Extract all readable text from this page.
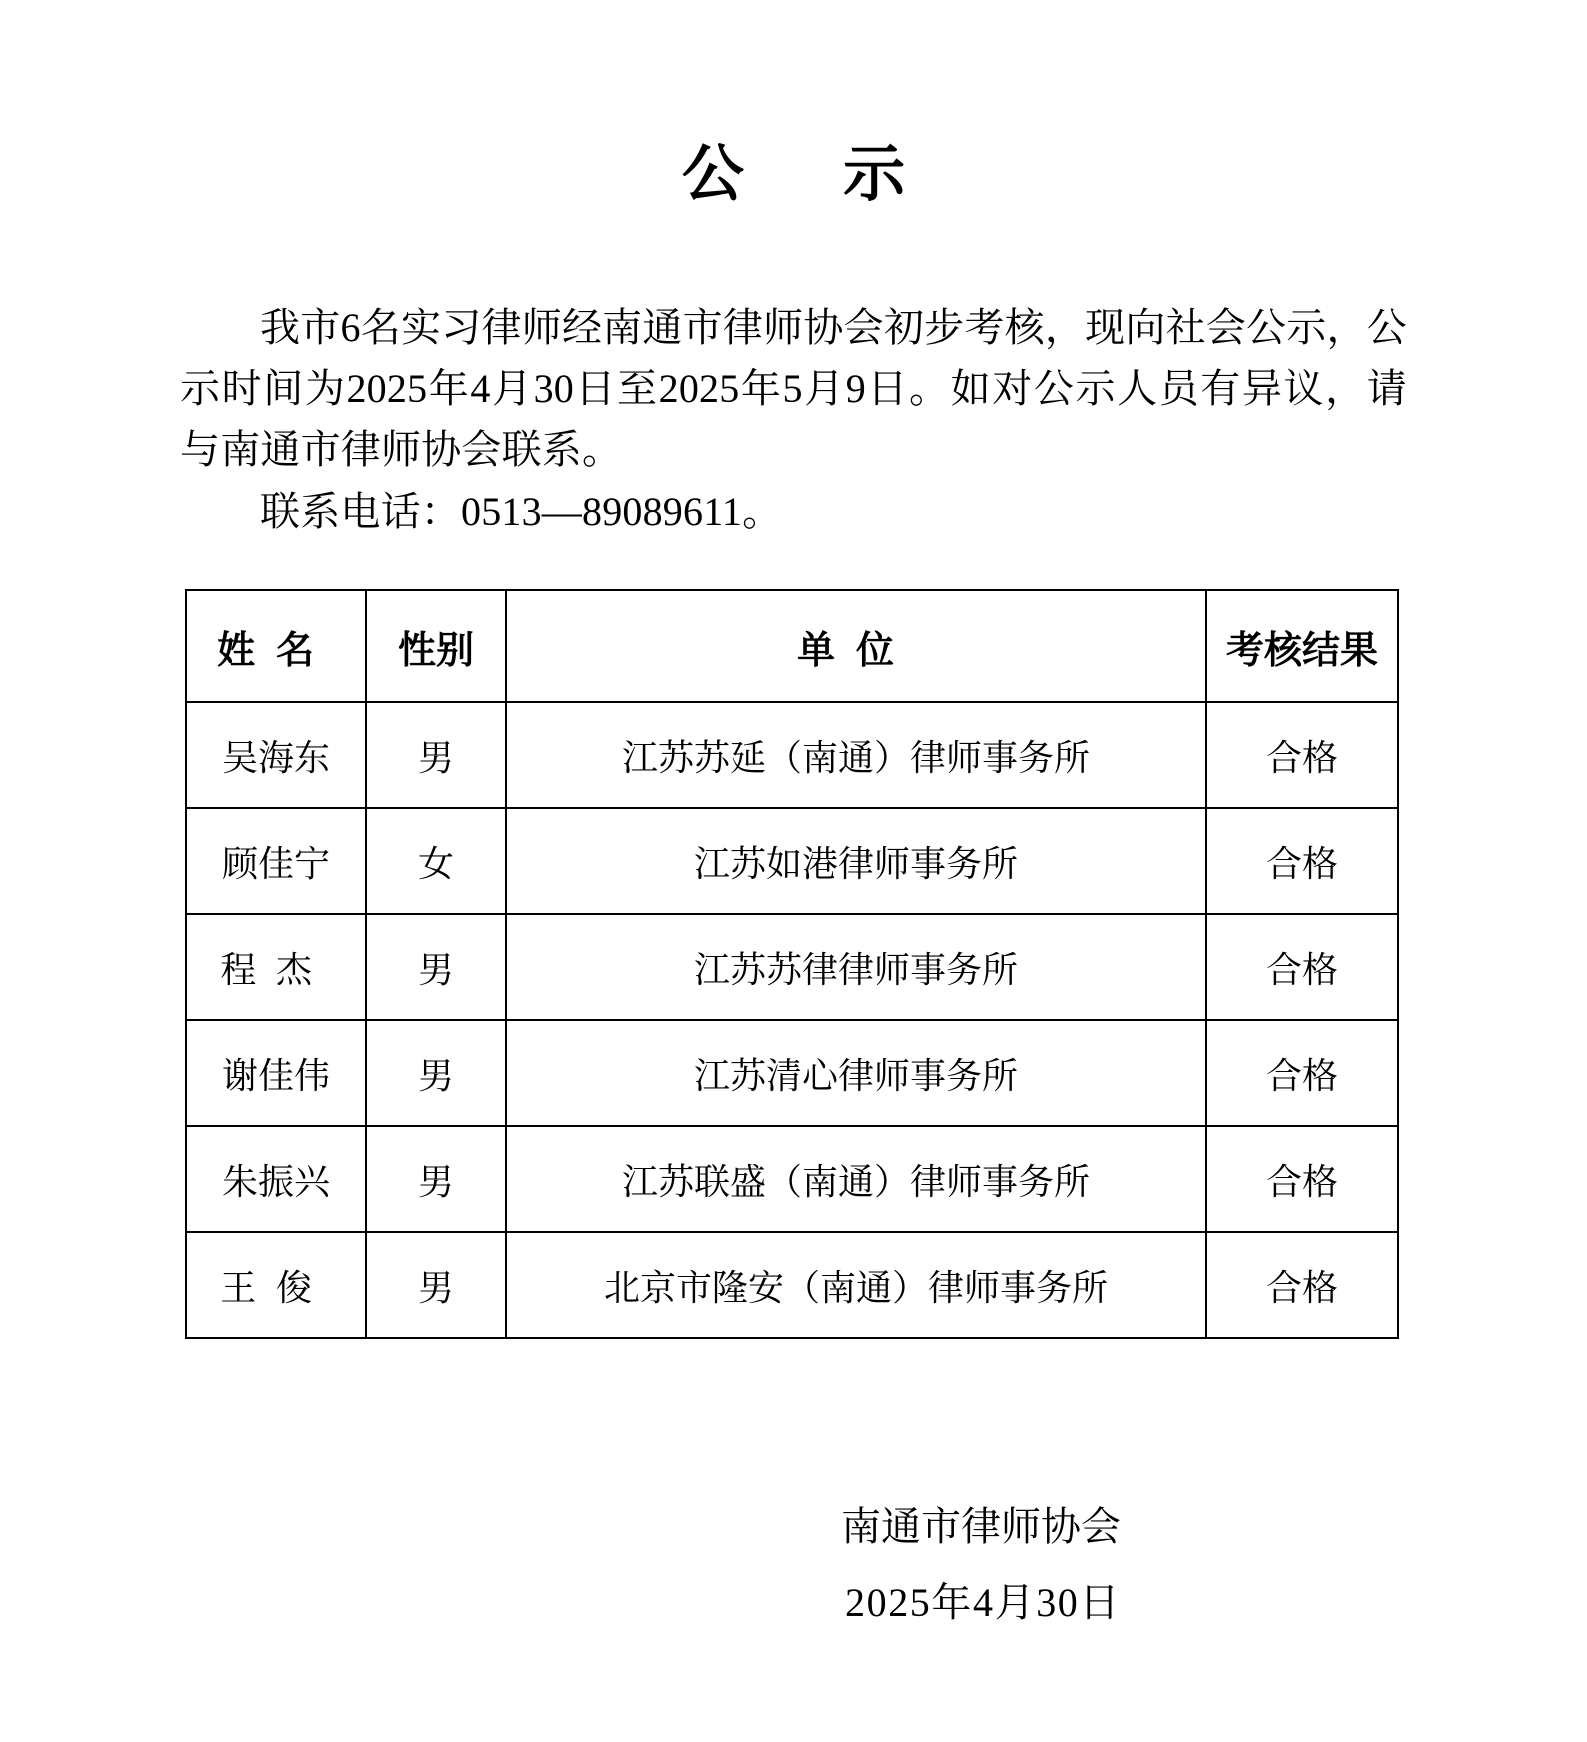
公　示

我市6名实习律师经南通市律师协会初步考核，现向社会公示，公示时间为2025年4月30日至2025年5月9日。如对公示人员有异议，请与南通市律师协会联系。

联系电话：0513—89089611。

姓名	性别	单位	考核结果
吴海东	男	江苏苏延（南通）律师事务所	合格
顾佳宁	女	江苏如港律师事务所	合格
程杰	男	江苏苏律律师事务所	合格
谢佳伟	男	江苏清心律师事务所	合格
朱振兴	男	江苏联盛（南通）律师事务所	合格
王俊	男	北京市隆安（南通）律师事务所	合格
南通市律师协会
2025年4月30日
